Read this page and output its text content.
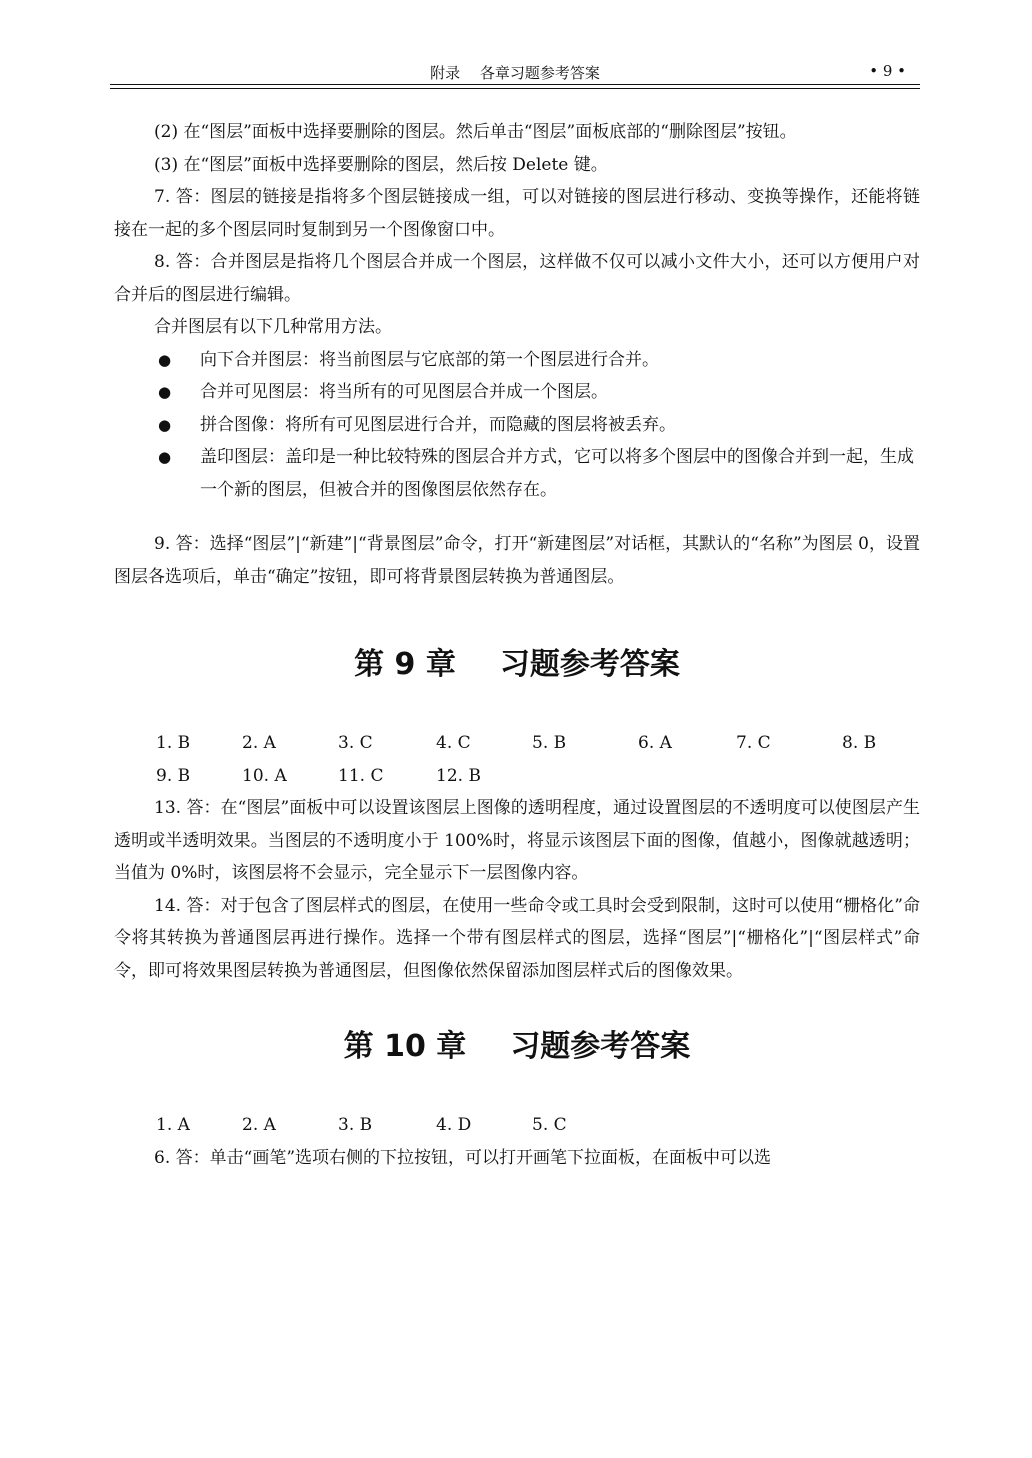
附录　 各章习题参考答案	• 9 •

(2) 在“图层”面板中选择要删除的图层。然后单击“图层”面板底部的“删除图层”按钮。

(3) 在“图层”面板中选择要删除的图层，然后按 Delete 键。

7. 答：图层的链接是指将多个图层链接成一组，可以对链接的图层进行移动、变换等操作，还能将链接在一起的多个图层同时复制到另一个图像窗口中。

8. 答：合并图层是指将几个图层合并成一个图层，这样做不仅可以减小文件大小，还可以方便用户对合并后的图层进行编辑。

合并图层有以下几种常用方法。

● 向下合并图层：将当前图层与它底部的第一个图层进行合并。

● 合并可见图层：将当所有的可见图层合并成一个图层。

● 拼合图像：将所有可见图层进行合并，而隐藏的图层将被丢弃。

● 盖印图层：盖印是一种比较特殊的图层合并方式，它可以将多个图层中的图像合并到一起，生成一个新的图层，但被合并的图像图层依然存在。

9. 答：选择“图层”|“新建”|“背景图层”命令，打开“新建图层”对话框，其默认的“名称”为图层 0，设置图层各选项后，单击“确定”按钮，即可将背景图层转换为普通图层。

第 9 章 习题参考答案
1. B	2. A	3. C	4. C	5. B	6. A	7. C	8. B
9. B	10. A	11. C	12. B

13. 答：在“图层”面板中可以设置该图层上图像的透明程度，通过设置图层的不透明度可以使图层产生透明或半透明效果。当图层的不透明度小于 100%时，将显示该图层下面的图像，值越小，图像就越透明；当值为 0%时，该图层将不会显示，完全显示下一层图像内容。

14. 答：对于包含了图层样式的图层，在使用一些命令或工具时会受到限制，这时可以使用“栅格化”命令将其转换为普通图层再进行操作。选择一个带有图层样式的图层，选择“图层”|“栅格化”|“图层样式”命令，即可将效果图层转换为普通图层，但图像依然保留添加图层样式后的图像效果。

第 10 章 习题参考答案
1. A	2. A	3. B	4. D	5. C

6. 答：单击“画笔”选项右侧的下拉按钮，可以打开画笔下拉面板，在面板中可以选
